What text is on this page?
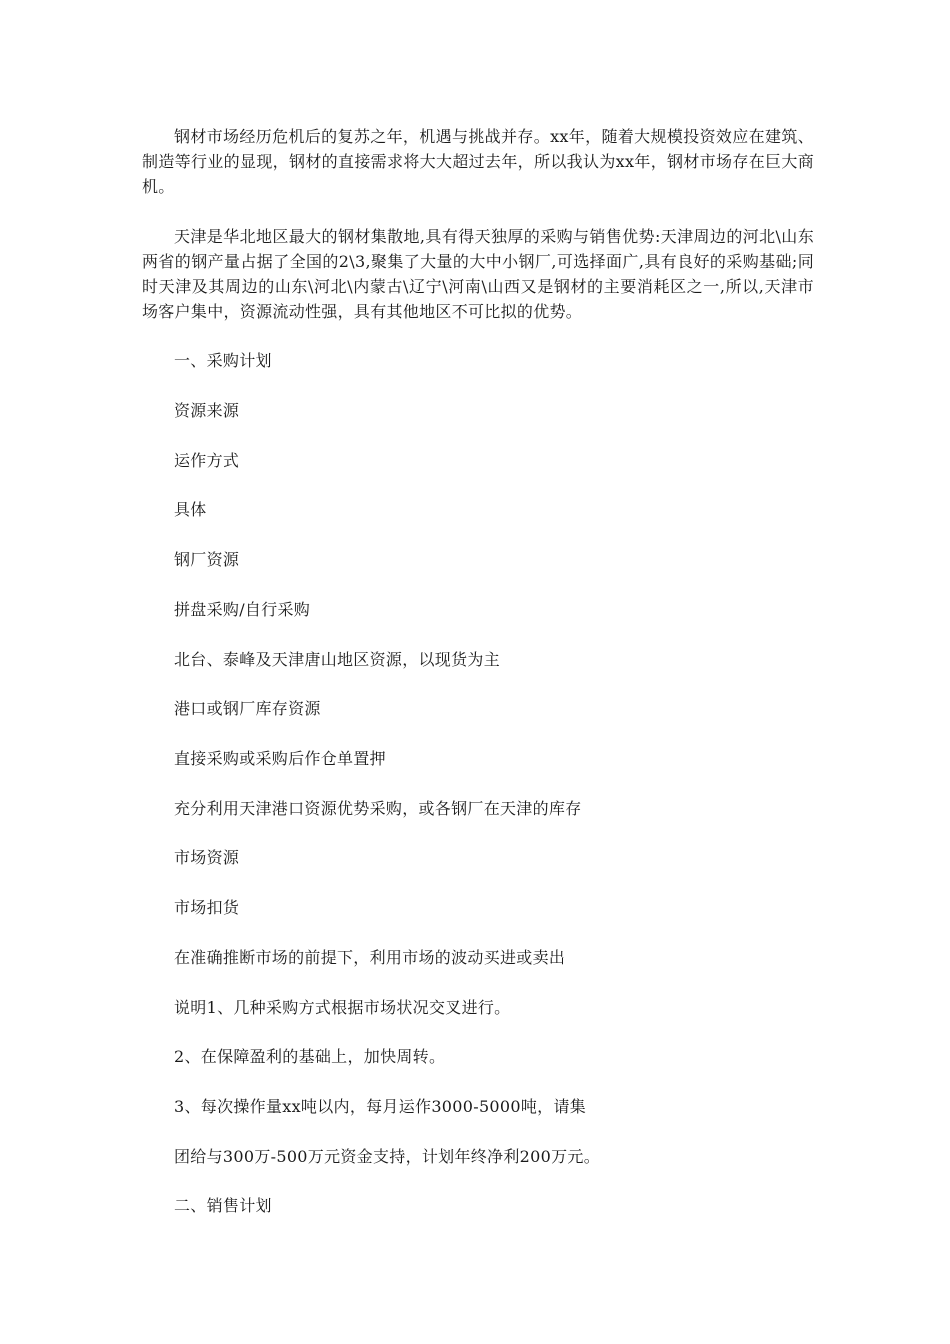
钢材市场经历危机后的复苏之年，机遇与挑战并存。xx年，随着大规模投资效应在建筑、制造等行业的显现，钢材的直接需求将大大超过去年，所以我认为xx年，钢材市场存在巨大商机。

天津是华北地区最大的钢材集散地,具有得天独厚的采购与销售优势:天津周边的河北\山东两省的钢产量占据了全国的2\3,聚集了大量的大中小钢厂,可选择面广,具有良好的采购基础;同时天津及其周边的山东\河北\内蒙古\辽宁\河南\山西又是钢材的主要消耗区之一,所以,天津市场客户集中，资源流动性强，具有其他地区不可比拟的优势。

一、采购计划

资源来源

运作方式

具体

钢厂资源

拼盘采购/自行采购

北台、泰峰及天津唐山地区资源，以现货为主

港口或钢厂库存资源

直接采购或采购后作仓单置押

充分利用天津港口资源优势采购，或各钢厂在天津的库存

市场资源

市场扣货

在准确推断市场的前提下，利用市场的波动买进或卖出

说明1、几种采购方式根据市场状况交叉进行。

2、在保障盈利的基础上，加快周转。

3、每次操作量xx吨以内，每月运作3000-5000吨，请集

团给与300万-500万元资金支持，计划年终净利200万元。

二、销售计划
